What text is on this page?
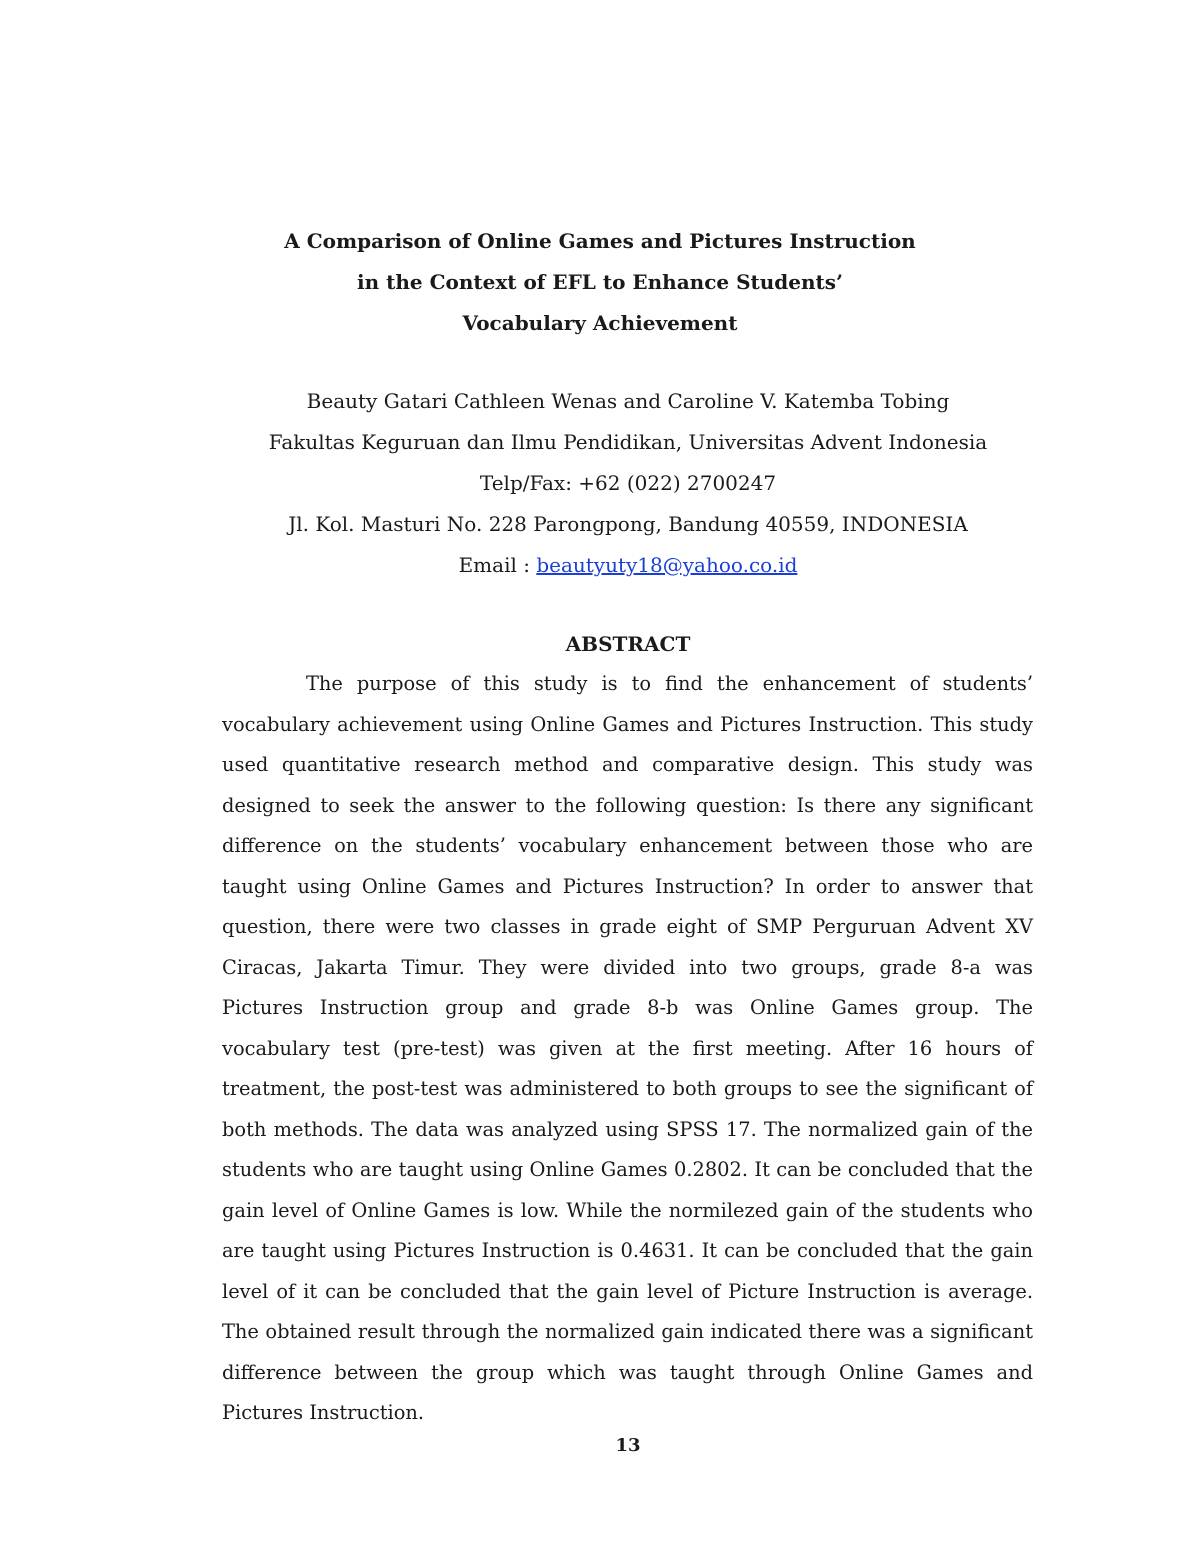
A Comparison of Online Games and Pictures Instruction
in the Context of EFL to Enhance Students’
Vocabulary Achievement
Beauty Gatari Cathleen Wenas and Caroline V. Katemba Tobing
Fakultas Keguruan dan Ilmu Pendidikan, Universitas Advent Indonesia
Telp/Fax: +62 (022) 2700247
Jl. Kol. Masturi No. 228 Parongpong, Bandung 40559, INDONESIA
Email : beautyuty18@yahoo.co.id
ABSTRACT

The purpose of this study is to find the enhancement of students’ vocabulary achievement using Online Games and Pictures Instruction. This study used quantitative research method and comparative design. This study was designed to seek the answer to the following question: Is there any significant difference on the students’ vocabulary enhancement between those who are taught using Online Games and Pictures Instruction? In order to answer that question, there were two classes in grade eight of SMP Perguruan Advent XV Ciracas, Jakarta Timur. They were divided into two groups, grade 8-a was Pictures Instruction group and grade 8-b was Online Games group. The vocabulary test (pre-test) was given at the first meeting. After 16 hours of treatment, the post-test was administered to both groups to see the significant of both methods. The data was analyzed using SPSS 17. The normalized gain of the students who are taught using Online Games 0.2802. It can be concluded that the gain level of Online Games is low. While the normilezed gain of the students who are taught using Pictures Instruction is 0.4631. It can be concluded that the gain level of it can be concluded that the gain level of Picture Instruction is average. The obtained result through the normalized gain indicated there was a significant difference between the group which was taught through Online Games and Pictures Instruction.

13
